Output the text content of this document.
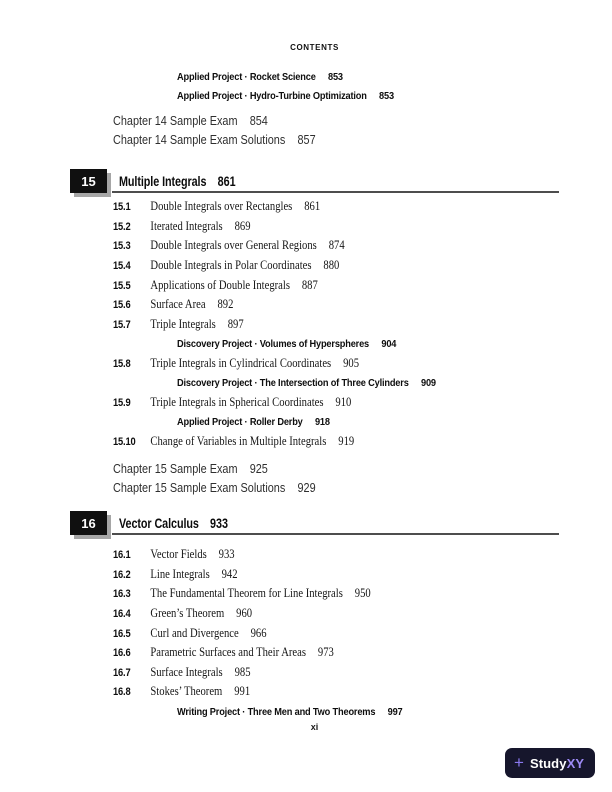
CONTENTS
Applied Project · Rocket Science 853
Applied Project · Hydro-Turbine Optimization 853
Chapter 14 Sample Exam 854
Chapter 14 Sample Exam Solutions 857
15 Multiple Integrals 861
15.1	Double Integrals over Rectangles 861
15.2	Iterated Integrals 869
15.3	Double Integrals over General Regions 874
15.4	Double Integrals in Polar Coordinates 880
15.5	Applications of Double Integrals 887
15.6	Surface Area 892
15.7	Triple Integrals 897
Discovery Project · Volumes of Hyperspheres 904
15.8	Triple Integrals in Cylindrical Coordinates 905
Discovery Project · The Intersection of Three Cylinders 909
15.9	Triple Integrals in Spherical Coordinates 910
Applied Project · Roller Derby 918
15.10	Change of Variables in Multiple Integrals 919
Chapter 15 Sample Exam 925
Chapter 15 Sample Exam Solutions 929
16 Vector Calculus 933
16.1	Vector Fields 933
16.2	Line Integrals 942
16.3	The Fundamental Theorem for Line Integrals 950
16.4	Green’s Theorem 960
16.5	Curl and Divergence 966
16.6	Parametric Surfaces and Their Areas 973
16.7	Surface Integrals 985
16.8	Stokes’ Theorem 991
Writing Project · Three Men and Two Theorems 997
xi
+ Study XY
